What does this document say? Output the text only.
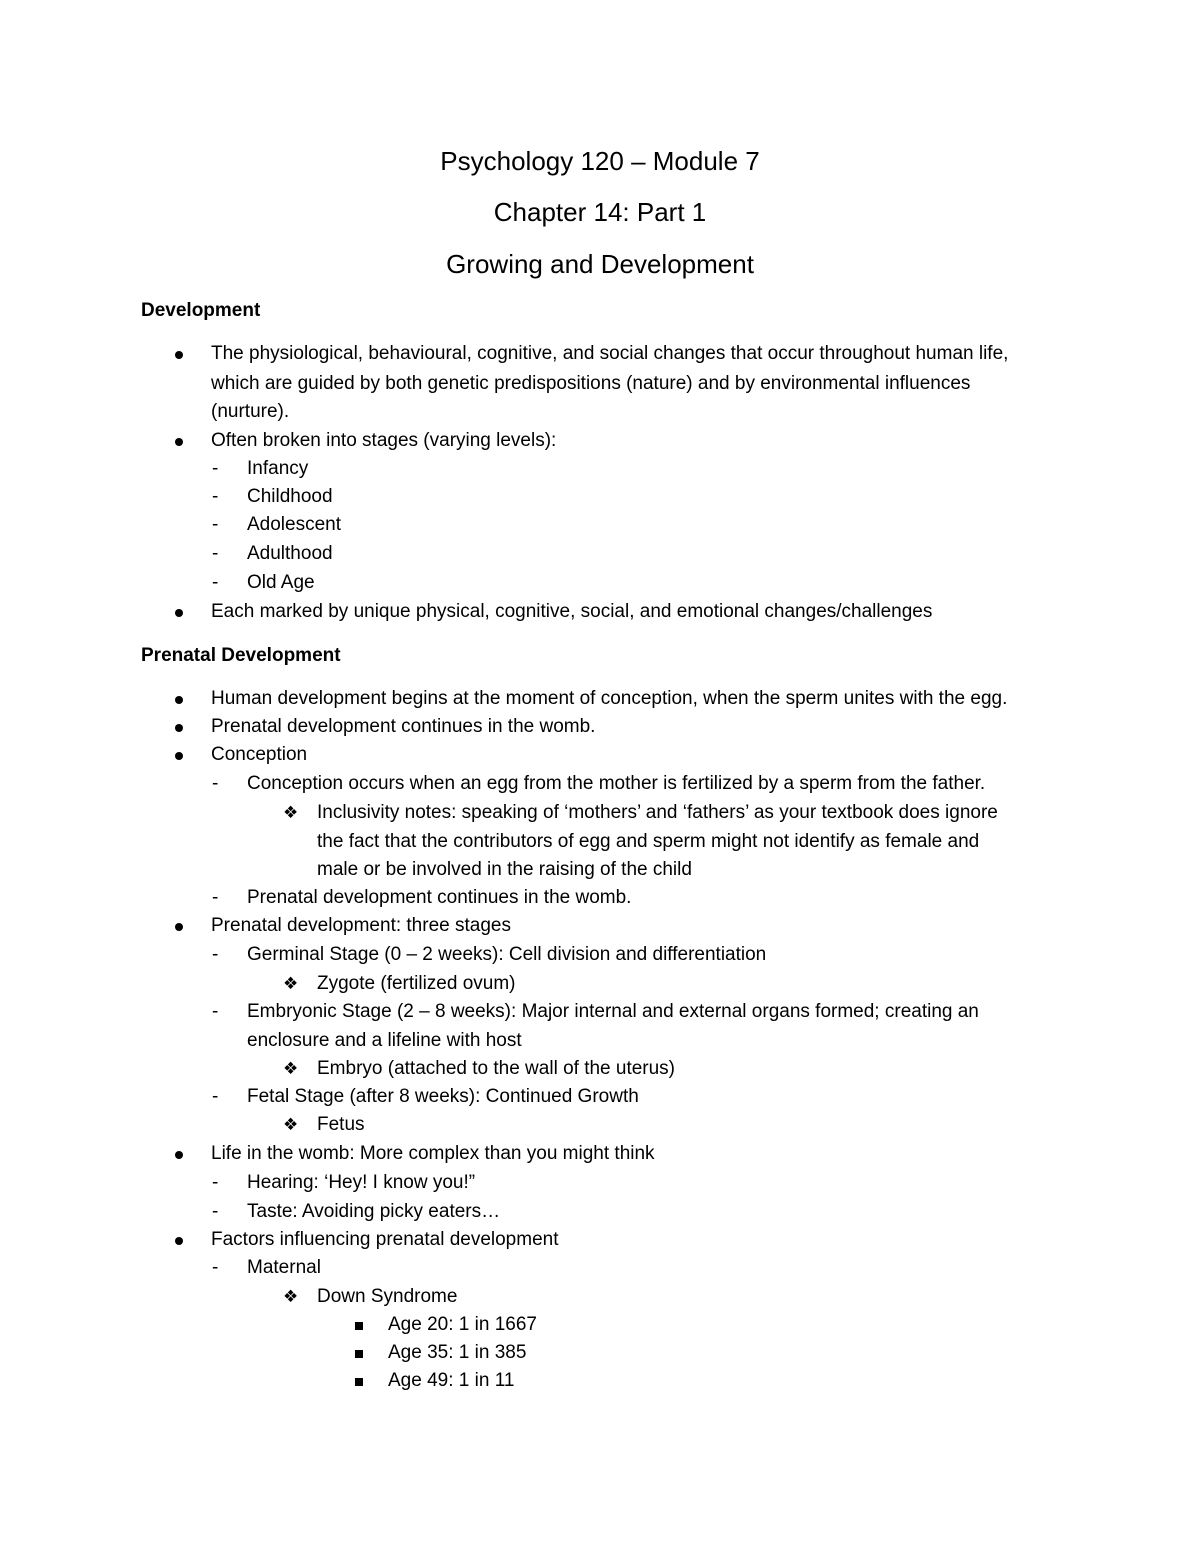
Psychology 120 – Module 7
Chapter 14: Part 1
Growing and Development
Development
The physiological, behavioural, cognitive, and social changes that occur throughout human life,
which are guided by both genetic predispositions (nature) and by environmental influences
(nurture).
Often broken into stages (varying levels):
- Infancy
- Childhood
- Adolescent
- Adulthood
- Old Age
Each marked by unique physical, cognitive, social, and emotional changes/challenges
Prenatal Development
Human development begins at the moment of conception, when the sperm unites with the egg.
Prenatal development continues in the womb.
Conception
- Conception occurs when an egg from the mother is fertilized by a sperm from the father.
❖ Inclusivity notes: speaking of ‘mothers’ and ‘fathers’ as your textbook does ignore
the fact that the contributors of egg and sperm might not identify as female and
male or be involved in the raising of the child
- Prenatal development continues in the womb.
Prenatal development: three stages
- Germinal Stage (0 – 2 weeks): Cell division and differentiation
❖ Zygote (fertilized ovum)
- Embryonic Stage (2 – 8 weeks): Major internal and external organs formed; creating an
enclosure and a lifeline with host
❖ Embryo (attached to the wall of the uterus)
- Fetal Stage (after 8 weeks): Continued Growth
❖ Fetus
Life in the womb: More complex than you might think
- Hearing: ‘Hey! I know you!”
- Taste: Avoiding picky eaters…
Factors influencing prenatal development
- Maternal
❖ Down Syndrome
Age 20: 1 in 1667
Age 35: 1 in 385
Age 49: 1 in 11
